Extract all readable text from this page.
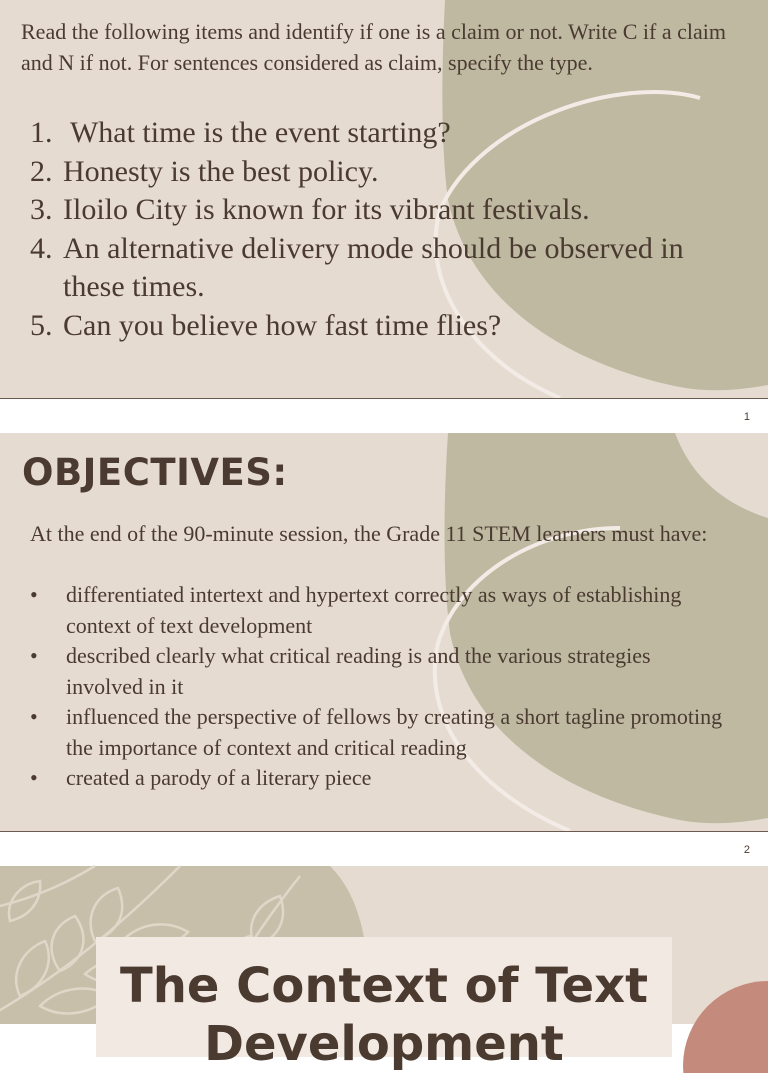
Read the following items and identify if one is a claim or not. Write C if a claim and N if not. For sentences considered as claim, specify the type.
1. What time is the event starting?
2. Honesty is the best policy.
3. Iloilo City is known for its vibrant festivals.
4. An alternative delivery mode should be observed in these times.
5. Can you believe how fast time flies?
1
OBJECTIVES:
At the end of the 90-minute session, the Grade 11 STEM learners must have:
•	differentiated intertext and hypertext correctly as ways of establishing context of text development
•	described clearly what critical reading is and the various strategies involved in it
•	influenced the perspective of fellows by creating a short tagline promoting the importance of context and critical reading
•	created a parody of a literary piece
2
The Context of Text Development
